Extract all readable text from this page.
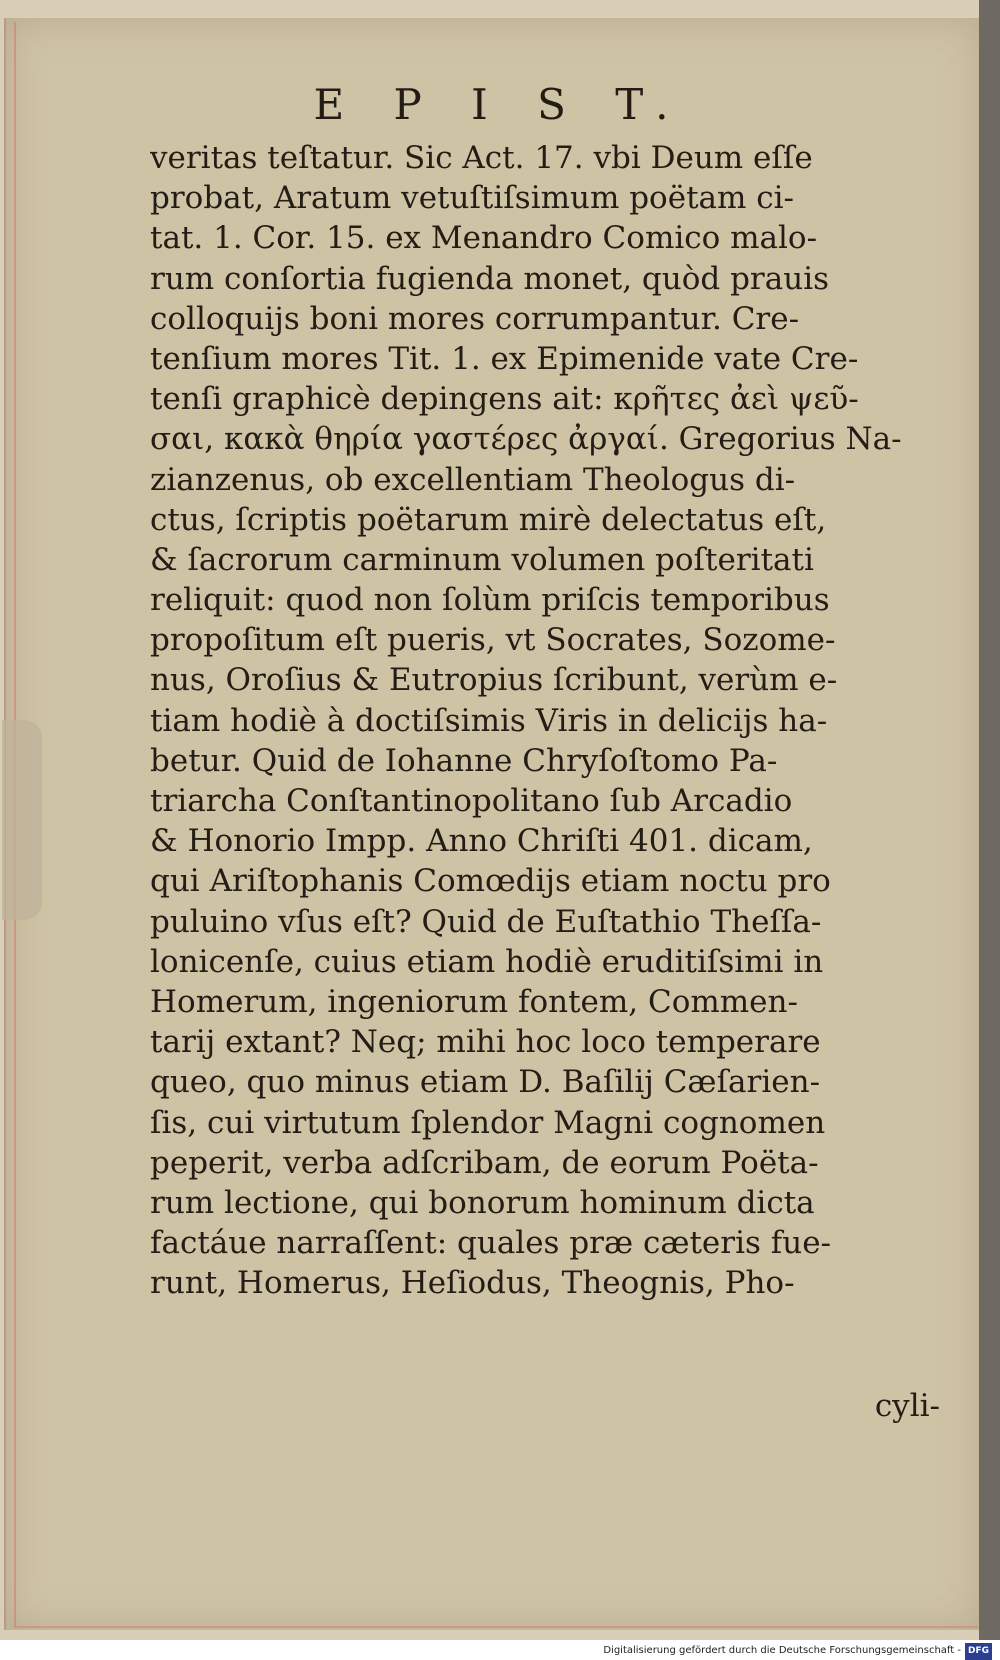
E P I S T.
veritas teſtatur. Sic Act. 17. vbi Deum eſſe
probat, Aratum vetuſtiſsimum poëtam ci-
tat. 1. Cor. 15. ex Menandro Comico malo-
rum conſortia fugienda monet, quòd prauis
colloquijs boni mores corrumpantur. Cre-
tenſium mores Tit. 1. ex Epimenide vate Cre-
tenſi graphicè depingens ait: κρῆτες ἀεὶ ψεῦ-
σαι, κακὰ θηρία γαστέρες ἀργαί. Gregorius Na-
zianzenus, ob excellentiam Theologus di-
ctus, ſcriptis poëtarum mirè delectatus eſt,
& ſacrorum carminum volumen poſteritati
reliquit: quod non ſolùm priſcis temporibus
propoſitum eſt pueris, vt Socrates, Sozome-
nus, Oroſius & Eutropius ſcribunt, verùm e-
tiam hodiè à doctiſsimis Viris in delicijs ha-
betur. Quid de Iohanne Chryſoſtomo Pa-
triarcha Conſtantinopolitano ſub Arcadio
& Honorio Impp. Anno Chriſti 401. dicam,
qui Ariſtophanis Comœdijs etiam noctu pro
puluino vſus eſt? Quid de Euſtathio Theſſa-
lonicenſe, cuius etiam hodiè eruditiſsimi in
Homerum, ingeniorum fontem, Commen-
tarij extant? Neq; mihi hoc loco temperare
queo, quo minus etiam D. Baſilij Cæſarien-
ſis, cui virtutum ſplendor Magni cognomen
peperit, verba adſcribam, de eorum Poëta-
rum lectione, qui bonorum hominum dicta
factáue narraſſent: quales præ cæteris fue-
runt, Homerus, Heſiodus, Theognis, Pho-
cyli-
Digitalisierung gefördert durch die Deutsche Forschungsgemeinschaft - DFG
